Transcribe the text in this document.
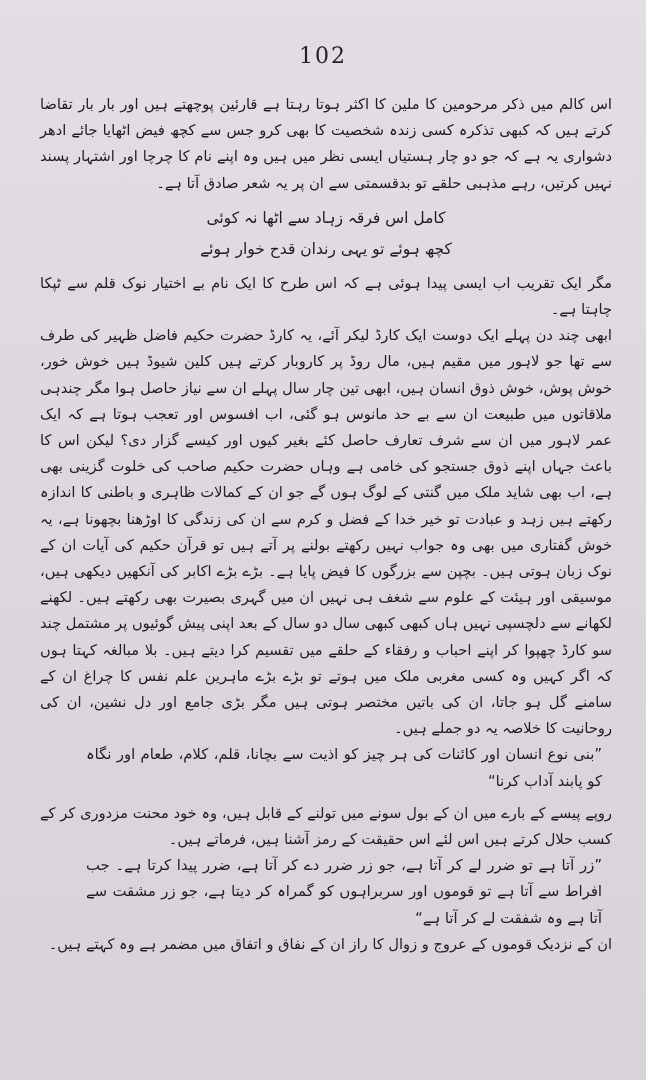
102

اس کالم میں ذکر مرحومین کا ملین کا اکثر ہوتا رہتا ہے قارئین پوچھتے ہیں اور بار بار تقاضا کرتے ہیں کہ کبھی تذکرہ کسی زندہ شخصیت کا بھی کرو جس سے کچھ فیض اٹھایا جائے ادھر دشواری یہ ہے کہ جو دو چار ہستیاں ایسی نظر میں ہیں وہ اپنے نام کا چرچا اور اشتہار پسند نہیں کرتیں، رہے مذہبی حلقے تو بدقسمتی سے ان پر یہ شعر صادق آتا ہے۔

کامل اس فرقہ زہاد سے اٹھا نہ کوئی

کچھ ہوئے تو یہی رندان قدح خوار ہوئے

مگر ایک تقریب اب ایسی پیدا ہوئی ہے کہ اس طرح کا ایک نام بے اختیار نوک قلم سے ٹپکا چاہتا ہے۔

ابھی چند دن پہلے ایک دوست ایک کارڈ لیکر آئے، یہ کارڈ حضرت حکیم فاضل ظہیر کی طرف سے تھا جو لاہور میں مقیم ہیں، مال روڈ پر کاروبار کرتے ہیں کلین شیوڈ ہیں خوش خور، خوش پوش، خوش ذوق انسان ہیں، ابھی تین چار سال پہلے ان سے نیاز حاصل ہوا مگر چندہی ملاقاتوں میں طبیعت ان سے بے حد مانوس ہو گئی، اب افسوس اور تعجب ہوتا ہے کہ ایک عمر لاہور میں ان سے شرف تعارف حاصل کئے بغیر کیوں اور کیسے گزار دی؟ لیکن اس کا باعث جہاں اپنے ذوق جستجو کی خامی ہے وہاں حضرت حکیم صاحب کی خلوت گزینی بھی ہے، اب بھی شاید ملک میں گنتی کے لوگ ہوں گے جو ان کے کمالات ظاہری و باطنی کا اندازہ رکھتے ہیں زہد و عبادت تو خیر خدا کے فضل و کرم سے ان کی زندگی کا اوڑھنا بچھونا ہے، یہ خوش گفتاری میں بھی وہ جواب نہیں رکھتے بولنے پر آتے ہیں تو قرآن حکیم کی آیات ان کے نوک زبان ہوتی ہیں۔ بچپن سے بزرگوں کا فیض پایا ہے۔ بڑے بڑے اکابر کی آنکھیں دیکھی ہیں، موسیقی اور ہیئت کے علوم سے شغف ہی نہیں ان میں گہری بصیرت بھی رکھتے ہیں۔ لکھنے لکھانے سے دلچسپی نہیں ہاں کبھی کبھی سال دو سال کے بعد اپنی پیش گوئیوں پر مشتمل چند سو کارڈ چھپوا کر اپنے احباب و رفقاء کے حلقے میں تقسیم کرا دیتے ہیں۔ بلا مبالغہ کہتا ہوں کہ اگر کہیں وہ کسی مغربی ملک میں ہوتے تو بڑے بڑے ماہرین علم نفس کا چراغ ان کے سامنے گل ہو جاتا، ان کی باتیں مختصر ہوتی ہیں مگر بڑی جامع اور دل نشین، ان کی روحانیت کا خلاصہ یہ دو جملے ہیں۔

”بنی نوع انسان اور کائنات کی ہر چیز کو اذیت سے بچانا، قلم، کلام، طعام اور نگاہ کو پابند آداب کرنا“

روپے پیسے کے بارے میں ان کے بول سونے میں تولنے کے قابل ہیں، وہ خود محنت مزدوری کر کے کسب حلال کرتے ہیں اس لئے اس حقیقت کے رمز آشنا ہیں، فرماتے ہیں۔

”زر آتا ہے تو ضرر لے کر آتا ہے، جو زر ضرر دے کر آتا ہے، ضرر پیدا کرتا ہے۔ جب افراط سے آتا ہے تو قوموں اور سربراہوں کو گمراہ کر دیتا ہے، جو زر مشقت سے آتا ہے وہ شفقت لے کر آتا ہے“

ان کے نزدیک قوموں کے عروج و زوال کا راز ان کے نفاق و اتفاق میں مضمر ہے وہ کہتے ہیں۔
